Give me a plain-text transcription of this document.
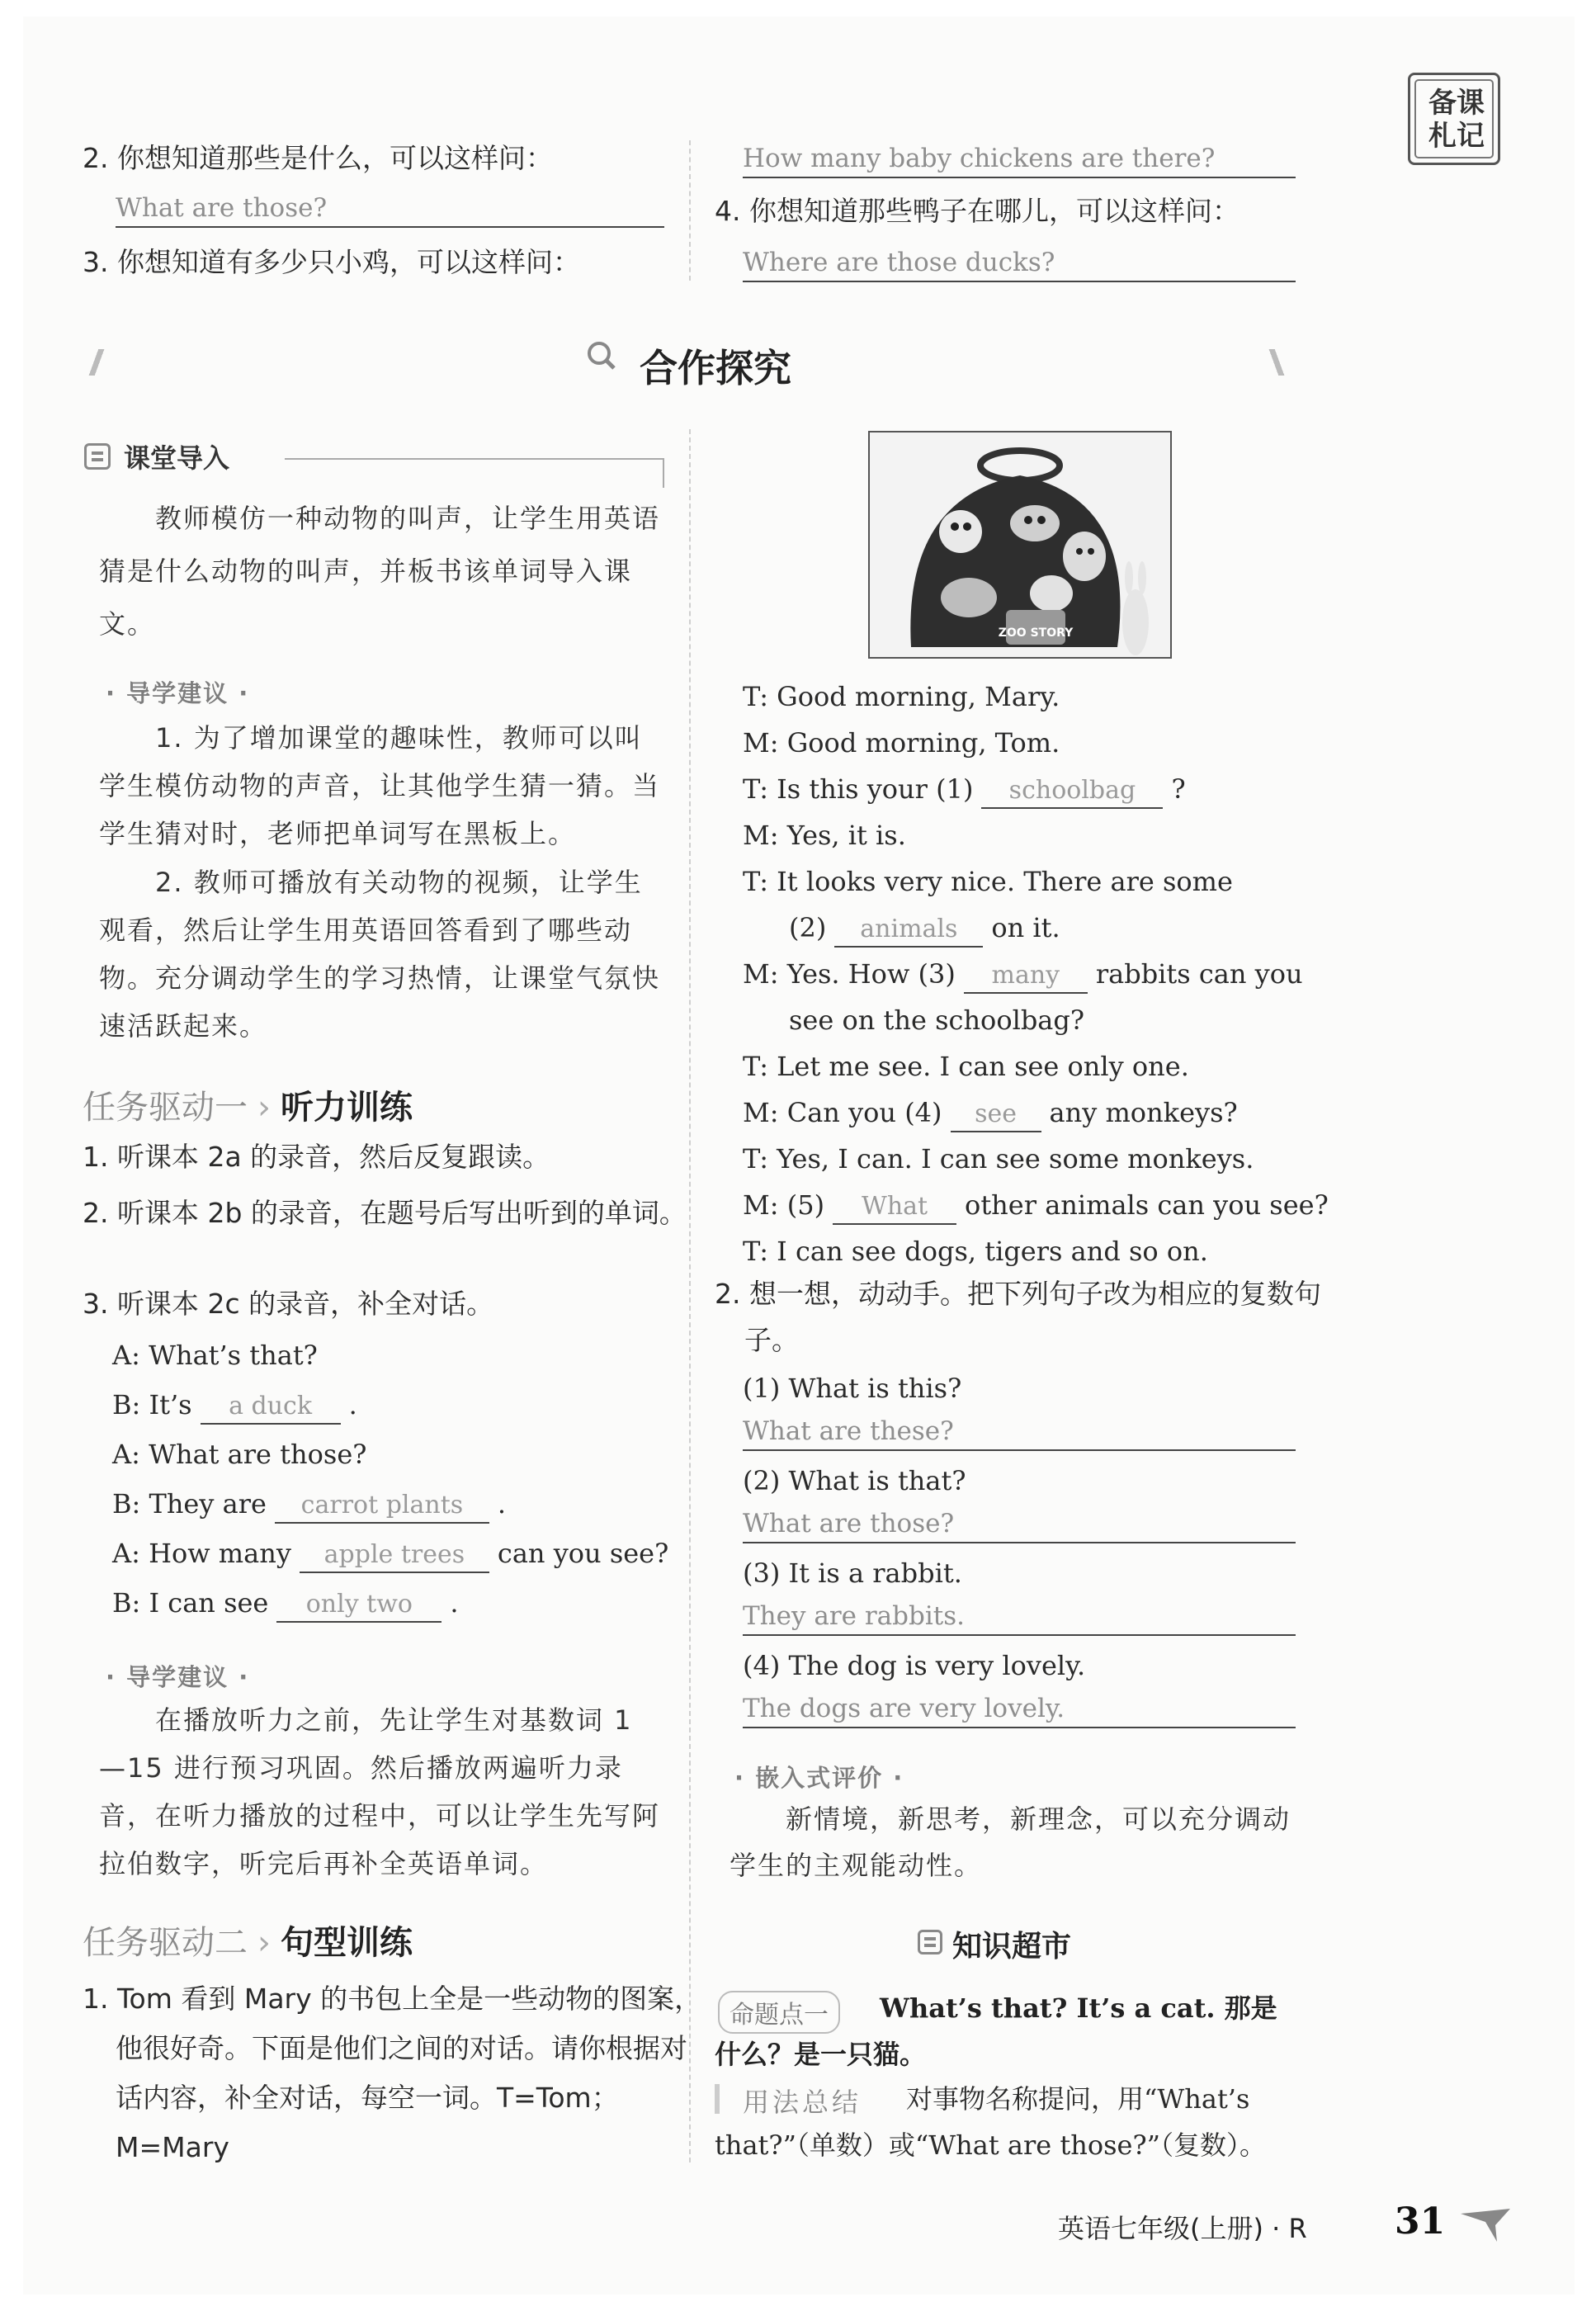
备课札记
2. 你想知道那些是什么，可以这样问：
What are those?
3. 你想知道有多少只小鸡，可以这样问：
How many baby chickens are there?
4. 你想知道那些鸭子在哪儿，可以这样问：
Where are those ducks?
合作探究
课堂导入
教师模仿一种动物的叫声，让学生用英语猜是什么动物的叫声，并板书该单词导入课文。
· 导学建议 ·
1. 为了增加课堂的趣味性，教师可以叫学生模仿动物的声音，让其他学生猜一猜。当学生猜对时，老师把单词写在黑板上。
2. 教师可播放有关动物的视频，让学生观看，然后让学生用英语回答看到了哪些动物。充分调动学生的学习热情，让课堂气氛快速活跃起来。
任务驱动一 › 听力训练
1. 听课本 2a 的录音，然后反复跟读。
2. 听课本 2b 的录音，在题号后写出听到的单词。
3. 听课本 2c 的录音，补全对话。
A: What’s that?
B: It’s a duck .
A: What are those?
B: They are carrot plants .
A: How many apple trees can you see?
B: I can see only two .
· 导学建议 ·
在播放听力之前，先让学生对基数词 1—15 进行预习巩固。然后播放两遍听力录音，在听力播放的过程中，可以让学生先写阿拉伯数字，听完后再补全英语单词。
任务驱动二 › 句型训练
1. Tom 看到 Mary 的书包上全是一些动物的图案，他很好奇。下面是他们之间的对话。请你根据对话内容，补全对话，每空一词。T=Tom；M=Mary
ZOO STORY
T: Good morning, Mary.
M: Good morning, Tom.
T: Is this your (1) schoolbag ?
M: Yes, it is.
T: It looks very nice. There are some
(2) animals on it.
M: Yes. How (3) many rabbits can you
see on the schoolbag?
T: Let me see. I can see only one.
M: Can you (4) see any monkeys?
T: Yes, I can. I can see some monkeys.
M: (5) What other animals can you see?
T: I can see dogs, tigers and so on.
2. 想一想，动动手。把下列句子改为相应的复数句子。
(1) What is this?
What are these?
(2) What is that?
What are those?
(3) It is a rabbit.
They are rabbits.
(4) The dog is very lovely.
The dogs are very lovely.
· 嵌入式评价 ·
新情境，新思考，新理念，可以充分调动学生的主观能动性。
知识超市
命题点一	What’s that? It’s a cat. 那是什么？是一只猫。
用法总结	对事物名称提问，用“What’s that?”（单数）或“What are those?”（复数）。
英语七年级(上册) · R 31
